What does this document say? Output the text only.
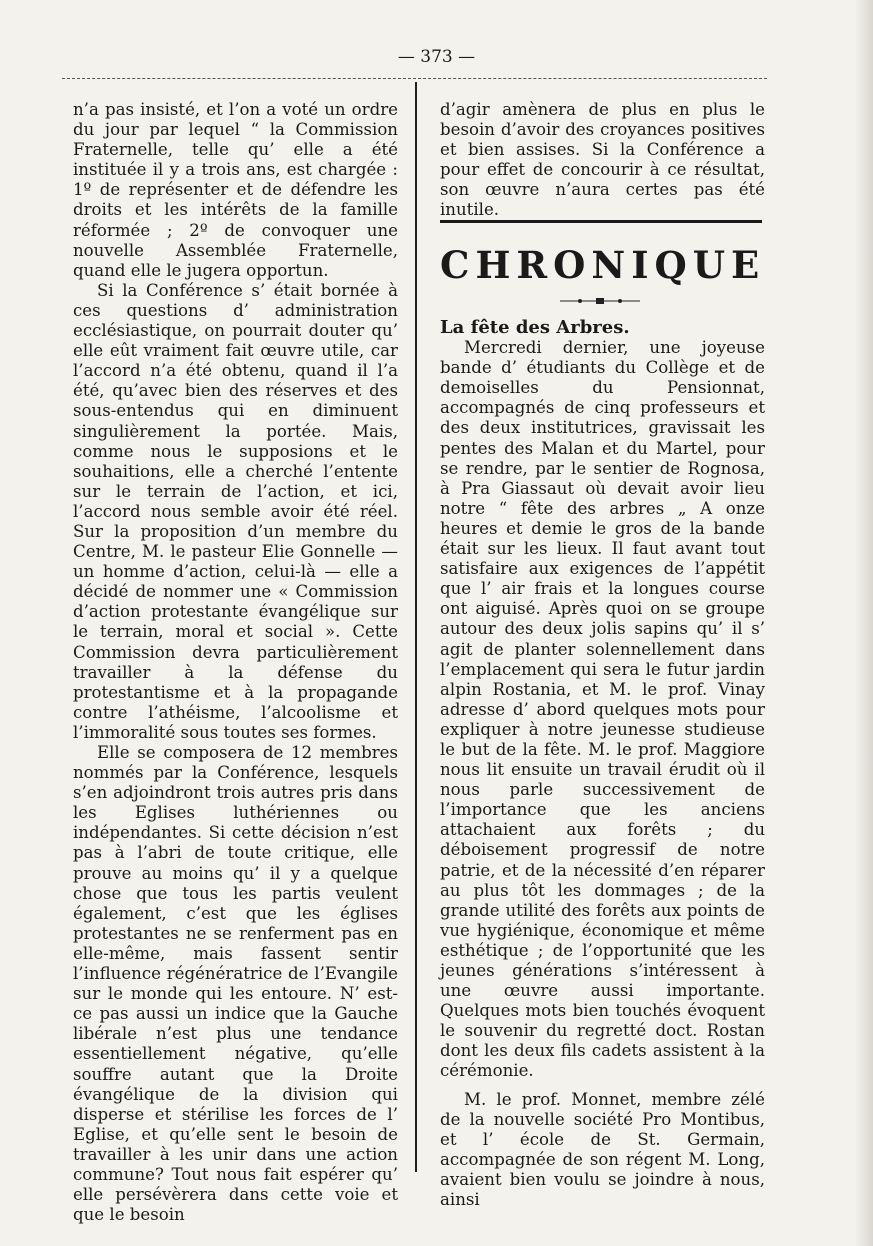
— 373 —

n’a pas insisté, et l’on a voté un ordre du jour par lequel “ la Commission Fraternelle, telle qu’ elle a été instituée il y a trois ans, est chargée : 1º de représenter et de défendre les droits et les intérêts de la famille réformée ; 2º de convoquer une nouvelle Assemblée Fraternelle, quand elle le jugera opportun.

Si la Conférence s’ était bornée à ces questions d’ administration ecclésiastique, on pourrait douter qu’ elle eût vraiment fait œuvre utile, car l’accord n’a été obtenu, quand il l’a été, qu’avec bien des réserves et des sous-entendus qui en diminuent singulièrement la portée. Mais, comme nous le supposions et le souhaitions, elle a cherché l’entente sur le terrain de l’action, et ici, l’accord nous semble avoir été réel. Sur la proposition d’un membre du Centre, M. le pasteur Elie Gonnelle — un homme d’action, celui-là — elle a décidé de nommer une « Commission d’action protestante évangélique sur le terrain, moral et social ». Cette Commission devra particulièrement travailler à la défense du protestantisme et à la propagande contre l’athéisme, l’alcoolisme et l’immoralité sous toutes ses formes.

Elle se composera de 12 membres nommés par la Conférence, lesquels s’en adjoindront trois autres pris dans les Eglises luthériennes ou indépendantes. Si cette décision n’est pas à l’abri de toute critique, elle prouve au moins qu’ il y a quelque chose que tous les partis veulent également, c’est que les églises protestantes ne se renferment pas en elle-même, mais fassent sentir l’influence régénératrice de l’Evangile sur le monde qui les entoure. N’ est-ce pas aussi un indice que la Gauche libérale n’est plus une tendance essentiellement négative, qu’elle souffre autant que la Droite évangélique de la division qui disperse et stérilise les forces de l’ Eglise, et qu’elle sent le besoin de travailler à les unir dans une action commune? Tout nous fait espérer qu’ elle persévèrera dans cette voie et que le besoin

d’agir amènera de plus en plus le besoin d’avoir des croyances positives et bien assises. Si la Conférence a pour effet de concourir à ce résultat, son œuvre n’aura certes pas été inutile.

CHRONIQUE

La fête des Arbres.

Mercredi dernier, une joyeuse bande d’ étudiants du Collège et de demoiselles du Pensionnat, accompagnés de cinq professeurs et des deux institutrices, gravissait les pentes des Malan et du Martel, pour se rendre, par le sentier de Rognosa, à Pra Giassaut où devait avoir lieu notre “ fête des arbres „ A onze heures et demie le gros de la bande était sur les lieux. Il faut avant tout satisfaire aux exigences de l’appétit que l’ air frais et la longues course ont aiguisé. Après quoi on se groupe autour des deux jolis sapins qu’ il s’ agit de planter solennellement dans l’emplacement qui sera le futur jardin alpin Rostania, et M. le prof. Vinay adresse d’ abord quelques mots pour expliquer à notre jeunesse studieuse le but de la fête. M. le prof. Maggiore nous lit ensuite un travail érudit où il nous parle successivement de l’importance que les anciens attachaient aux forêts ; du déboisement progressif de notre patrie, et de la nécessité d’en réparer au plus tôt les dommages ; de la grande utilité des forêts aux points de vue hygiénique, économique et même esthétique ; de l’opportunité que les jeunes générations s’intéressent à une œuvre aussi importante. Quelques mots bien touchés évoquent le souvenir du regretté doct. Rostan dont les deux fils cadets assistent à la cérémonie.

M. le prof. Monnet, membre zélé de la nouvelle société Pro Montibus, et l’ école de St. Germain, accompagnée de son régent M. Long, avaient bien voulu se joindre à nous, ainsi
